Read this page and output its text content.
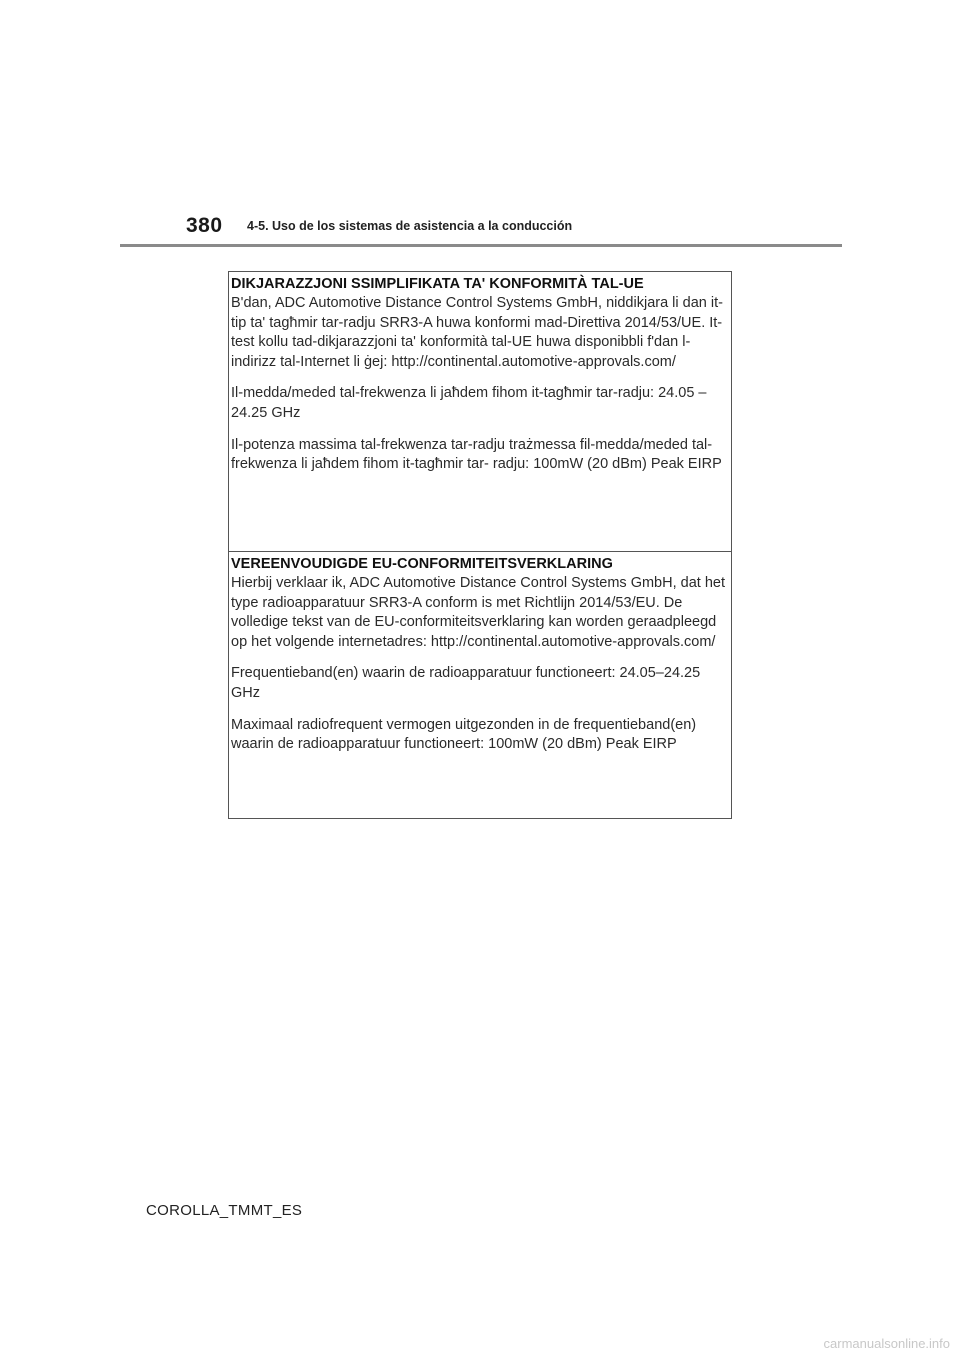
380 4-5. Uso de los sistemas de asistencia a la conducción
DIKJARAZZJONI SSIMPLIFIKATA TA' KONFORMITÀ TAL-UE

B'dan, ADC Automotive Distance Control Systems GmbH, niddikjara li dan it-tip ta' tagħmir tar-radju SRR3-A huwa konformi mad-Direttiva 2014/53/UE. It-test kollu tad-dikjarazzjoni ta' konformità tal-UE huwa disponibbli f'dan l-indirizz tal-Internet li ġej: http://continental.automotive-approvals.com/

Il-medda/meded tal-frekwenza li jaħdem fihom it-tagħmir tar-radju: 24.05 –24.25 GHz

Il-potenza massima tal-frekwenza tar-radju trażmessa fil-medda/meded tal-frekwenza li jaħdem fihom it-tagħmir tar- radju: 100mW (20 dBm) Peak EIRP

VEREENVOUDIGDE EU-CONFORMITEITSVERKLARING

Hierbij verklaar ik, ADC Automotive Distance Control Systems GmbH, dat het type radioapparatuur SRR3-A conform is met Richtlijn 2014/53/EU. De volledige tekst van de EU-conformiteitsverklaring kan worden geraadpleegd op het volgende internetadres: http://continental.automotive-approvals.com/

Frequentieband(en) waarin de radioapparatuur functioneert: 24.05–24.25 GHz

Maximaal radiofrequent vermogen uitgezonden in de frequentieband(en) waarin de radioapparatuur functioneert: 100mW (20 dBm) Peak EIRP

COROLLA_TMMT_ES
carmanualsonline.info
